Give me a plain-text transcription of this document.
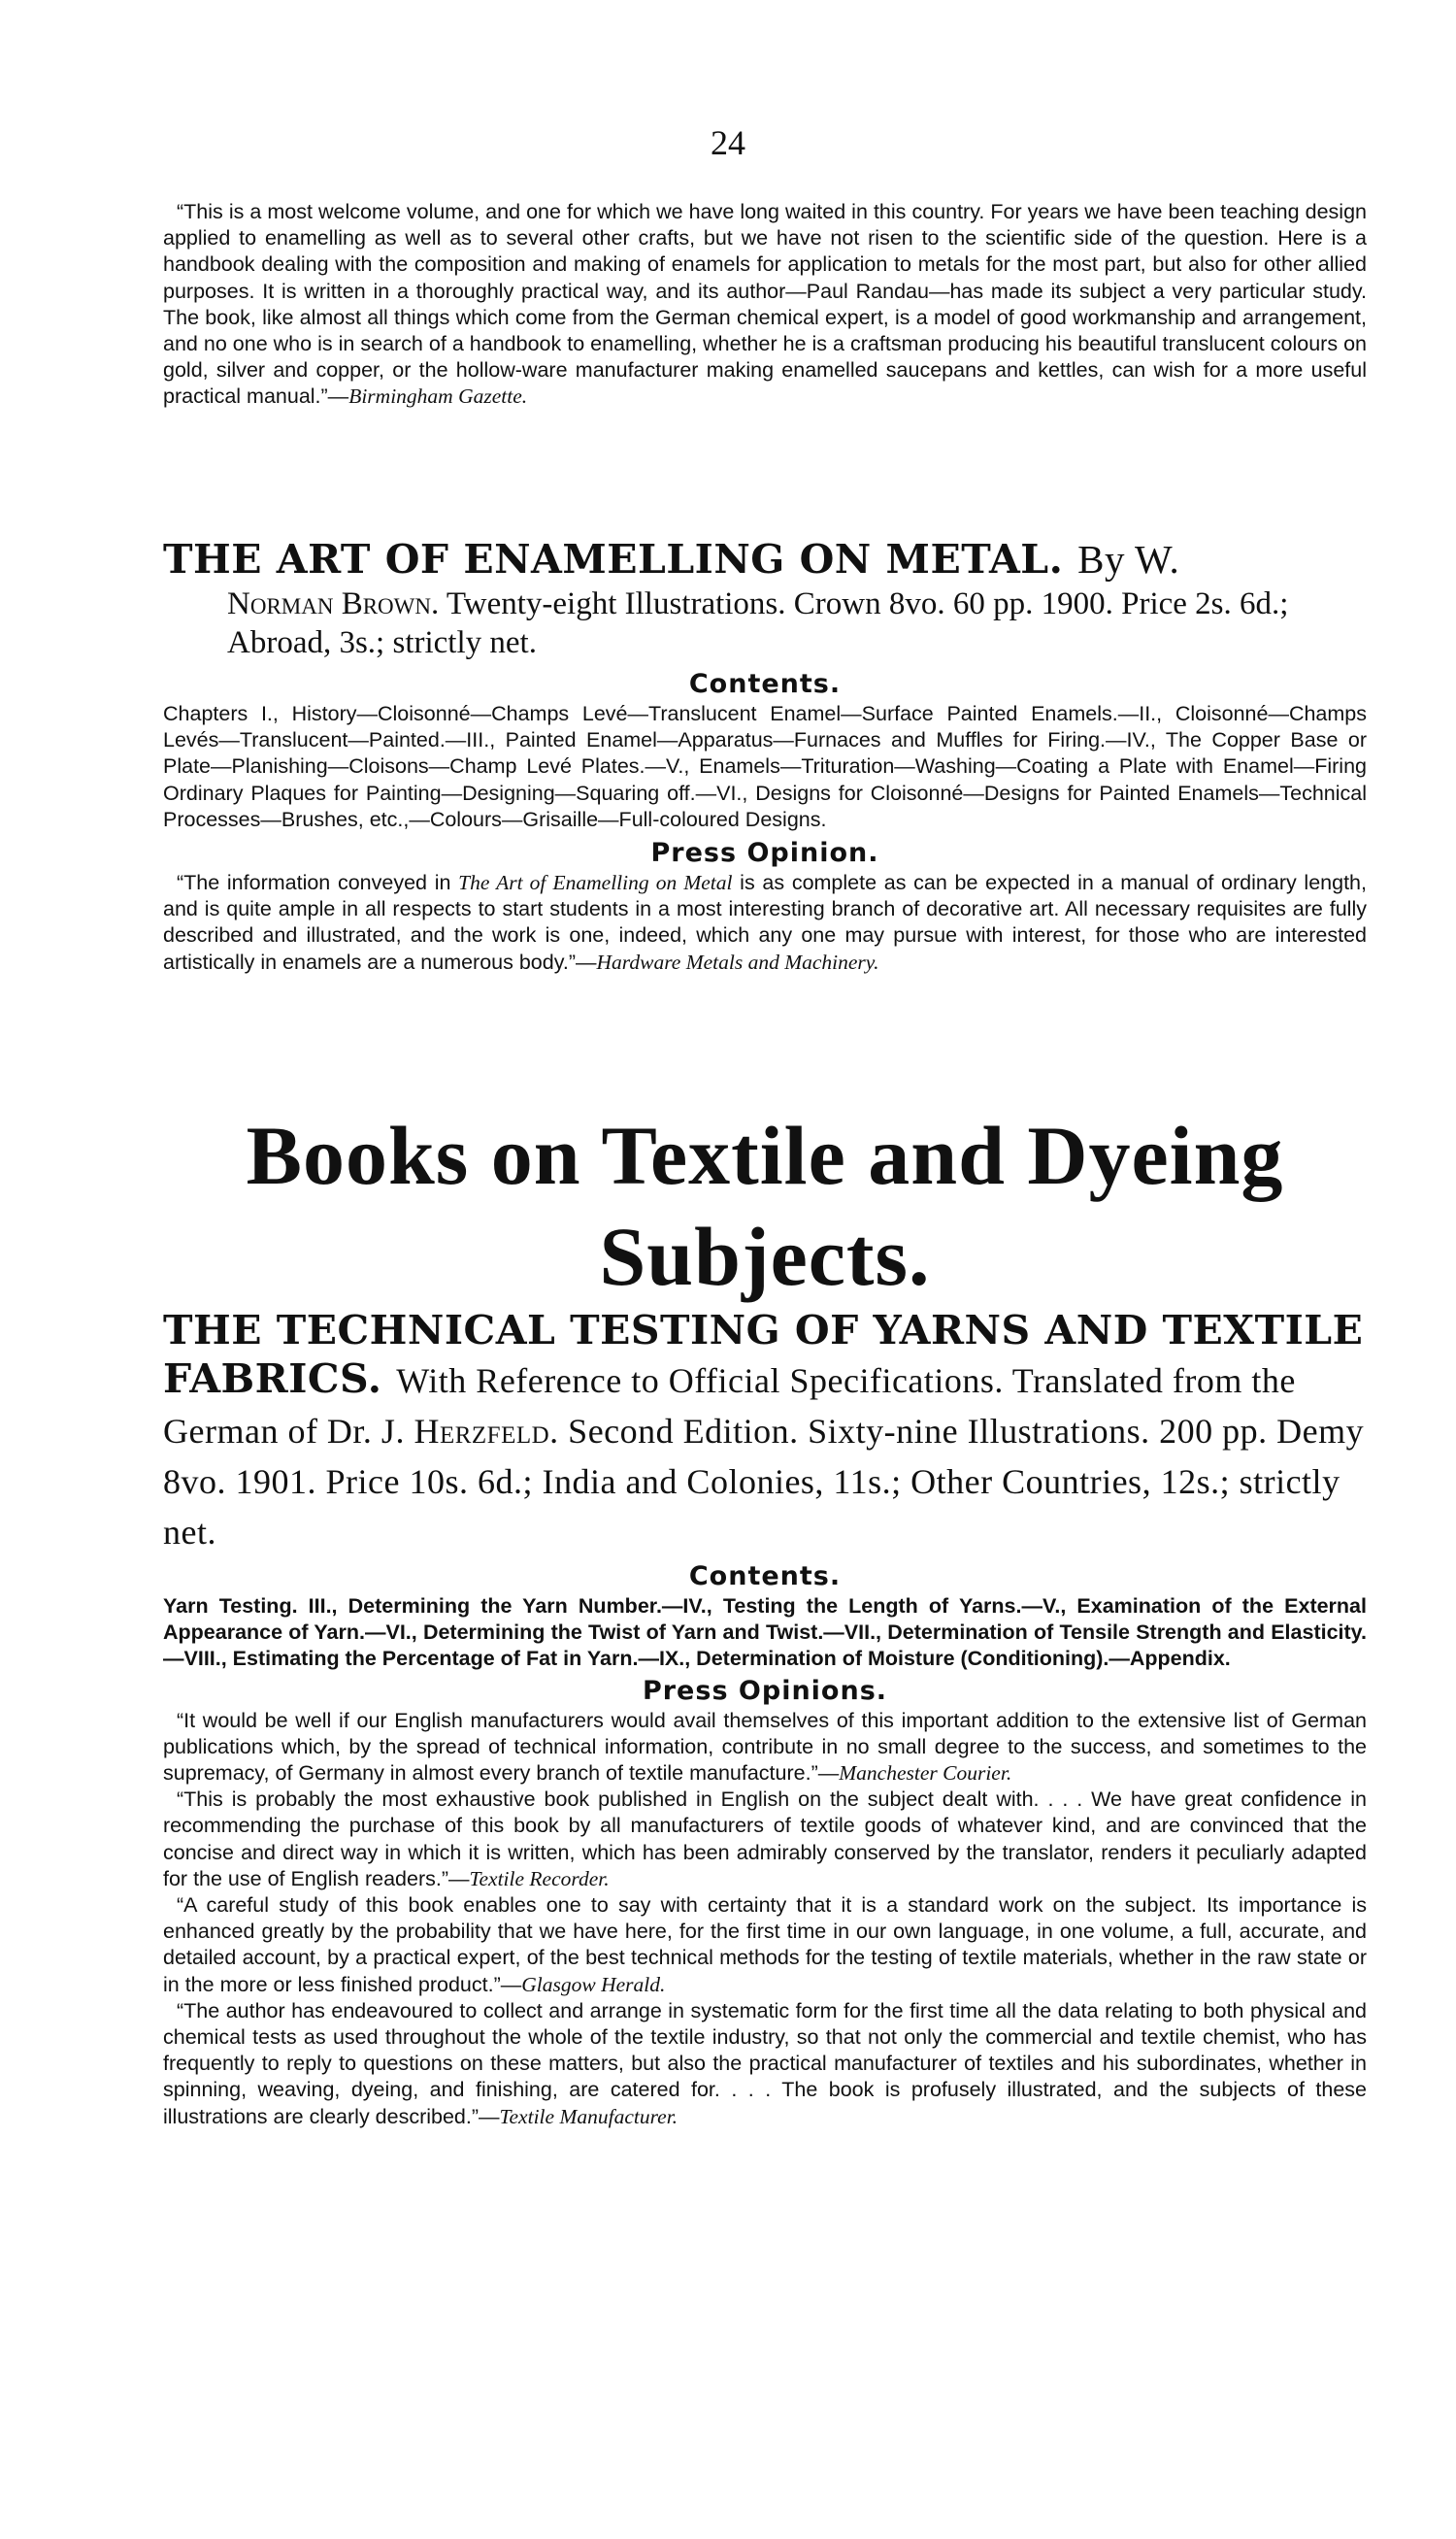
24

“This is a most welcome volume, and one for which we have long waited in this country. For years we have been teaching design applied to enamelling as well as to several other crafts, but we have not risen to the scientific side of the question. Here is a handbook dealing with the composition and making of enamels for application to metals for the most part, but also for other allied purposes. It is written in a thoroughly practical way, and its author—Paul Randau—has made its subject a very particular study. The book, like almost all things which come from the German chemical expert, is a model of good workmanship and arrangement, and no one who is in search of a handbook to enamelling, whether he is a craftsman producing his beautiful translucent colours on gold, silver and copper, or the hollow-ware manufacturer making enamelled saucepans and kettles, can wish for a more useful practical manual.”—Birmingham Gazette.

THE ART OF ENAMELLING ON METAL. By W.

Norman Brown. Twenty-eight Illustrations. Crown 8vo. 60 pp. 1900. Price 2s. 6d.; Abroad, 3s.; strictly net.

Contents.

Chapters I., History—Cloisonné—Champs Levé—Translucent Enamel—Surface Painted Enamels.—II., Cloisonné—Champs Levés—Translucent—Painted.—III., Painted Enamel—Apparatus—Furnaces and Muffles for Firing.—IV., The Copper Base or Plate—Planishing—Cloisons—Champ Levé Plates.—V., Enamels—Trituration—Washing—Coating a Plate with Enamel—Firing Ordinary Plaques for Painting—Designing—Squaring off.—VI., Designs for Cloisonné—Designs for Painted Enamels—Technical Processes—Brushes, etc.,—Colours—Grisaille—Full-coloured Designs.

Press Opinion.

“The information conveyed in The Art of Enamelling on Metal is as complete as can be expected in a manual of ordinary length, and is quite ample in all respects to start students in a most interesting branch of decorative art. All necessary requisites are fully described and illustrated, and the work is one, indeed, which any one may pursue with interest, for those who are interested artistically in enamels are a numerous body.”—Hardware Metals and Machinery.

Books on Textile and Dyeing
Subjects.

THE TECHNICAL TESTING OF YARNS AND TEXTILE FABRICS. With Reference to Official Specifications. Translated from the German of Dr. J. Herzfeld. Second Edition. Sixty-nine Illustrations. 200 pp. Demy 8vo. 1901. Price 10s. 6d.; India and Colonies, 11s.; Other Countries, 12s.; strictly net.

Contents.

Yarn Testing. III., Determining the Yarn Number.—IV., Testing the Length of Yarns.—V., Examination of the External Appearance of Yarn.—VI., Determining the Twist of Yarn and Twist.—VII., Determination of Tensile Strength and Elasticity.—VIII., Estimating the Percentage of Fat in Yarn.—IX., Determination of Moisture (Conditioning).—Appendix.

Press Opinions.

“It would be well if our English manufacturers would avail themselves of this important addition to the extensive list of German publications which, by the spread of technical information, contribute in no small degree to the success, and sometimes to the supremacy, of Germany in almost every branch of textile manufacture.”—Manchester Courier.

“This is probably the most exhaustive book published in English on the subject dealt with. . . . We have great confidence in recommending the purchase of this book by all manufacturers of textile goods of whatever kind, and are convinced that the concise and direct way in which it is written, which has been admirably conserved by the translator, renders it peculiarly adapted for the use of English readers.”—Textile Recorder.

“A careful study of this book enables one to say with certainty that it is a standard work on the subject. Its importance is enhanced greatly by the probability that we have here, for the first time in our own language, in one volume, a full, accurate, and detailed account, by a practical expert, of the best technical methods for the testing of textile materials, whether in the raw state or in the more or less finished product.”—Glasgow Herald.

“The author has endeavoured to collect and arrange in systematic form for the first time all the data relating to both physical and chemical tests as used throughout the whole of the textile industry, so that not only the commercial and textile chemist, who has frequently to reply to questions on these matters, but also the practical manufacturer of textiles and his subordinates, whether in spinning, weaving, dyeing, and finishing, are catered for. . . . The book is profusely illustrated, and the subjects of these illustrations are clearly described.”—Textile Manufacturer.
